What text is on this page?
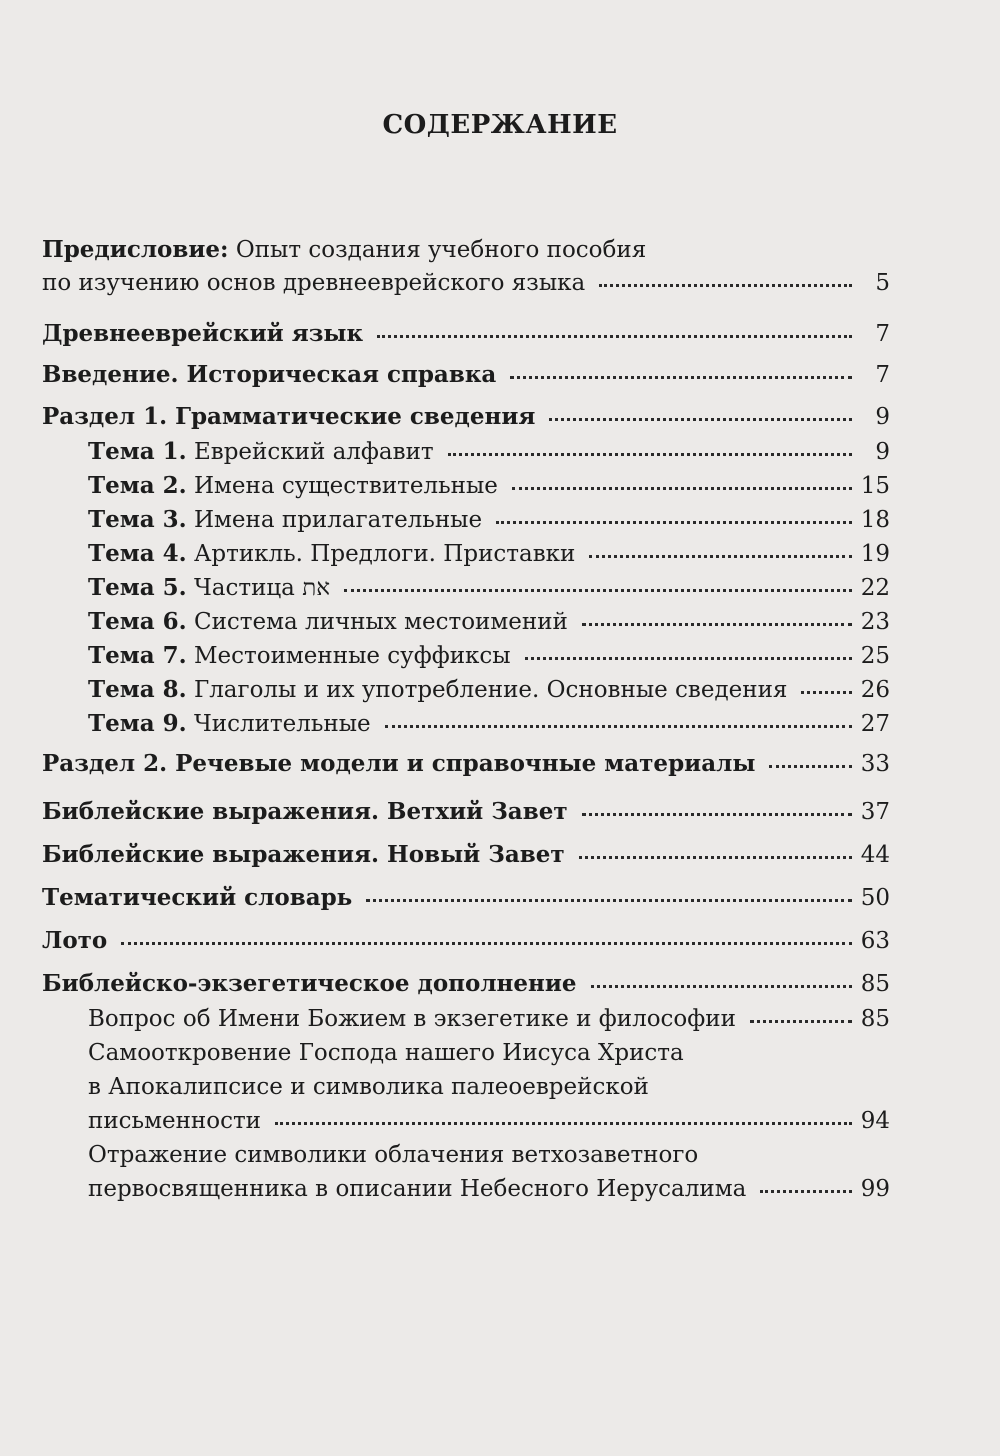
СОДЕРЖАНИЕ
Предисловие: Опыт создания учебного пособия
по изучению основ древнееврейского языка	5
Древнееврейский язык	7
Введение. Историческая справка	7
Раздел 1. Грамматические сведения	9
Тема 1. Еврейский алфавит	9
Тема 2. Имена существительные	15
Тема 3. Имена прилагательные	18
Тема 4. Артикль. Предлоги. Приставки	19
Тема 5. Частица את	22
Тема 6. Система личных местоимений	23
Тема 7. Местоименные суффиксы	25
Тема 8. Глаголы и их употребление. Основные сведения	26
Тема 9. Числительные	27
Раздел 2. Речевые модели и справочные материалы	33
Библейские выражения. Ветхий Завет	37
Библейские выражения. Новый Завет	44
Тематический словарь	50
Лото	63
Библейско-экзегетическое дополнение	85
Вопрос об Имени Божием в экзегетике и философии	85
Самооткровение Господа нашего Иисуса Христа
в Апокалипсисе и символика палеоеврейской
письменности	94
Отражение символики облачения ветхозаветного
первосвященника в описании Небесного Иерусалима	99
